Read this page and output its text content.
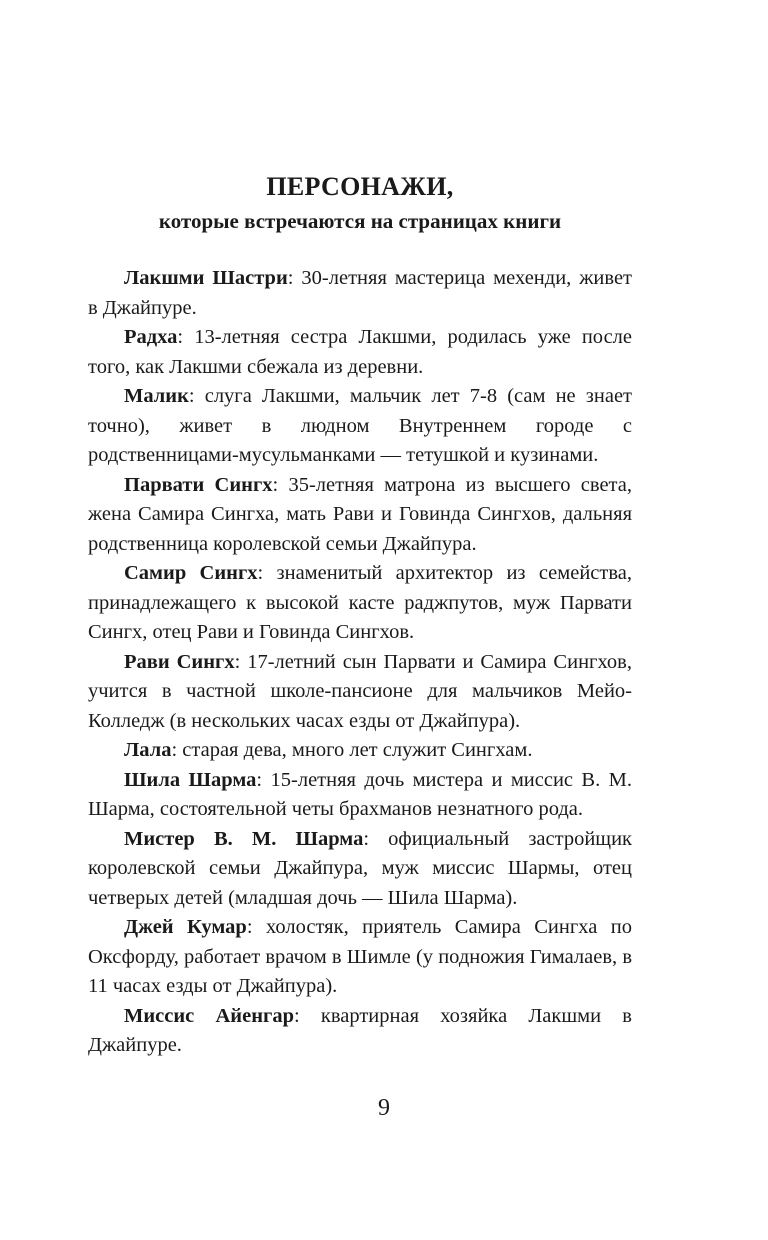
ПЕРСОНАЖИ,
которые встречаются на страницах книги

Лакшми Шастри: 30-летняя мастерица мехенди, живет в Джайпуре.

Радха: 13-летняя сестра Лакшми, родилась уже после того, как Лакшми сбежала из деревни.

Малик: слуга Лакшми, мальчик лет 7-8 (сам не знает точно), живет в людном Внутреннем городе с родственницами-мусульманками — тетушкой и кузинами.

Парвати Сингх: 35-летняя матрона из высшего света, жена Самира Сингха, мать Рави и Говинда Сингхов, дальняя родственница королевской семьи Джайпура.

Самир Сингх: знаменитый архитектор из семейства, принадлежащего к высокой касте раджпутов, муж Парвати Сингх, отец Рави и Говинда Сингхов.

Рави Сингх: 17-летний сын Парвати и Самира Сингхов, учится в частной школе-пансионе для мальчиков Мейо-Колледж (в нескольких часах езды от Джайпура).

Лала: старая дева, много лет служит Сингхам.

Шила Шарма: 15-летняя дочь мистера и миссис В. М. Шарма, состоятельной четы брахманов незнатного рода.

Мистер В. М. Шарма: официальный застройщик королевской семьи Джайпура, муж миссис Шармы, отец четверых детей (младшая дочь — Шила Шарма).

Джей Кумар: холостяк, приятель Самира Сингха по Оксфорду, работает врачом в Шимле (у подножия Гималаев, в 11 часах езды от Джайпура).

Миссис Айенгар: квартирная хозяйка Лакшми в Джайпуре.

9
